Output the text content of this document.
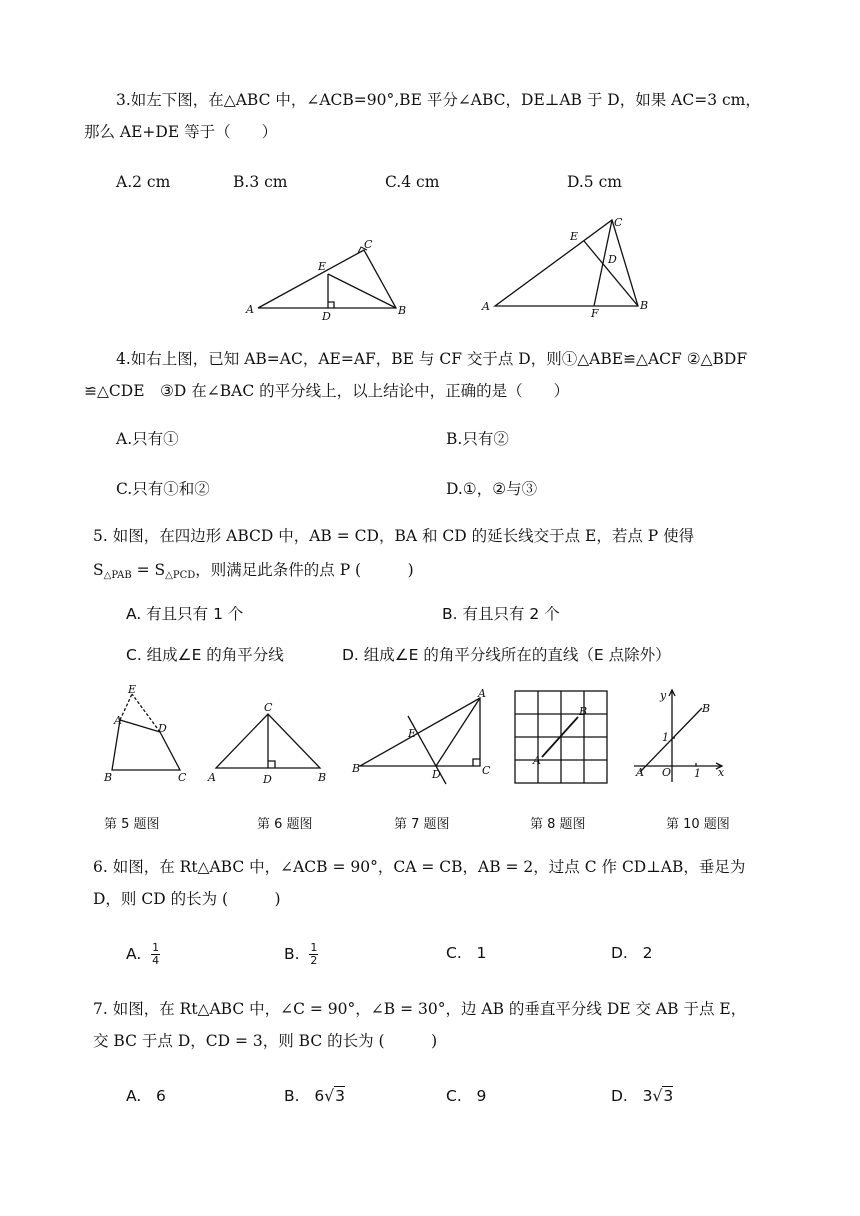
3.如左下图，在△ABC 中，∠ACB=90°,BE 平分∠ABC，DE⊥AB 于 D，如果 AC=3 cm，
那么 AE+DE 等于（　　）
A.2 cm	B.3 cm	C.4 cm	D.5 cm
A	B
C
D
E
A	B
C
D
E
F
4.如右上图，已知 AB=AC，AE=AF，BE 与 CF 交于点 D，则①△ABE≌△ACF ②△BDF
≌△CDE　③D 在∠BAC 的平分线上，以上结论中，正确的是（　　）
A.只有①	B.只有②
C.只有①和②	D.①，②与③
5. 如图，在四边形 ABCD 中，AB = CD，BA 和 CD 的延长线交于点 E，若点 P 使得
$S_{\triangle PAB} = S_{\triangle PCD}$，则满足此条件的点 P (　　　)
A. 有且只有 1 个	B. 有且只有 2 个
C. 组成∠E 的角平分线	D. 组成∠E 的角平分线所在的直线（E 点除外）
E
A
D
B	C
C
A	B
D
A
B	C
D
E
B
A
y
x
B
1
1
A O
第 5 题图	第 6 题图	第 7 题图	第 8 题图	第 10 题图
6. 如图，在 Rt△ABC 中，∠ACB = 90°，CA = CB，AB = 2，过点 C 作 CD⊥AB，垂足为
D，则 CD 的长为 (　　　)
A. $\frac{1}{4}$	B. $\frac{1}{2}$	C. 1	D. 2
7. 如图，在 Rt△ABC 中，∠C = 90°，∠B = 30°，边 AB 的垂直平分线 DE 交 AB 于点 E，
交 BC 于点 D，CD = 3，则 BC 的长为 (　　　)
A. 6	B. 6√3	C. 9	D. 3√3
